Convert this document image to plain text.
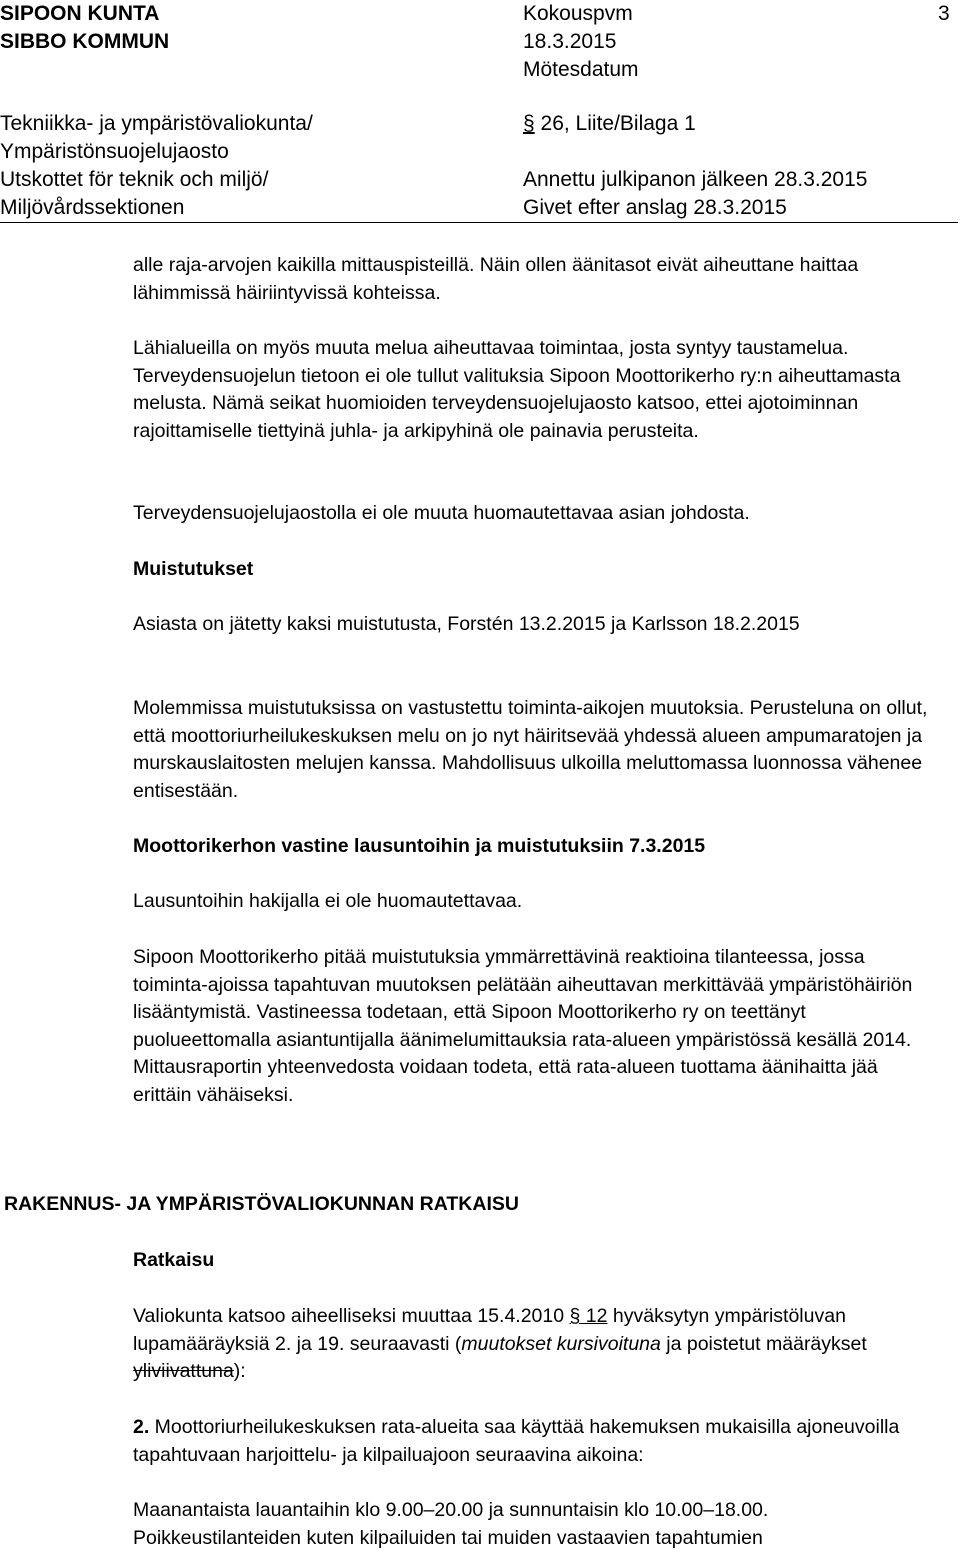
SIPOON KUNTA
SIBBO KOMMUN
Kokouspvm
18.3.2015
Mötesdatum
3
Tekniikka- ja ympäristövaliokunta/
Ympäristönsuojelujaosto
Utskottet för teknik och miljö/
Miljövårdssektionen
§ 26, Liite/Bilaga 1
Annettu julkipanon jälkeen 28.3.2015
Givet efter anslag 28.3.2015

alle raja-arvojen kaikilla mittauspisteillä. Näin ollen äänitasot eivät aiheuttane haittaa lähimmissä häiriintyvissä kohteissa.

Lähialueilla on myös muuta melua aiheuttavaa toimintaa, josta syntyy taustamelua. Terveydensuojelun tietoon ei ole tullut valituksia Sipoon Moottorikerho ry:n aiheuttamasta melusta. Nämä seikat huomioiden terveydensuojelujaosto katsoo, ettei ajotoiminnan rajoittamiselle tiettyinä juhla- ja arkipyhinä ole painavia perusteita.

Terveydensuojelujaostolla ei ole muuta huomautettavaa asian johdosta.

Muistutukset

Asiasta on jätetty kaksi muistutusta, Forstén 13.2.2015 ja Karlsson 18.2.2015

Molemmissa muistutuksissa on vastustettu toiminta-aikojen muutoksia. Perusteluna on ollut, että moottoriurheilukeskuksen melu on jo nyt häiritsevää yhdessä alueen ampumaratojen ja murskauslaitosten melujen kanssa. Mahdollisuus ulkoilla meluttomassa luonnossa vähenee entisestään.

Moottorikerhon vastine lausuntoihin ja muistutuksiin 7.3.2015

Lausuntoihin hakijalla ei ole huomautettavaa.

Sipoon Moottorikerho pitää muistutuksia ymmärrettävinä reaktioina tilanteessa, jossa toiminta-ajoissa tapahtuvan muutoksen pelätään aiheuttavan merkittävää ympäristöhäiriön lisääntymistä. Vastineessa todetaan, että Sipoon Moottorikerho ry on teettänyt puolueettomalla asiantuntijalla äänimelumittauksia rata-alueen ympäristössä kesällä 2014. Mittausraportin yhteenvedosta voidaan todeta, että rata-alueen tuottama äänihaitta jää erittäin vähäiseksi.

RAKENNUS- JA YMPÄRISTÖVALIOKUNNAN RATKAISU

Ratkaisu

Valiokunta katsoo aiheelliseksi muuttaa 15.4.2010 § 12 hyväksytyn ympäristöluvan lupamääräyksiä 2. ja 19. seuraavasti (muutokset kursivoituna ja poistetut määräykset yliviivattuna):

2. Moottoriurheilukeskuksen rata-alueita saa käyttää hakemuksen mukaisilla ajoneuvoilla tapahtuvaan harjoittelu- ja kilpailuajoon seuraavina aikoina:

Maanantaista lauantaihin klo 9.00–20.00 ja sunnuntaisin klo 10.00–18.00. Poikkeustilanteiden kuten kilpailuiden tai muiden vastaavien tapahtumien
